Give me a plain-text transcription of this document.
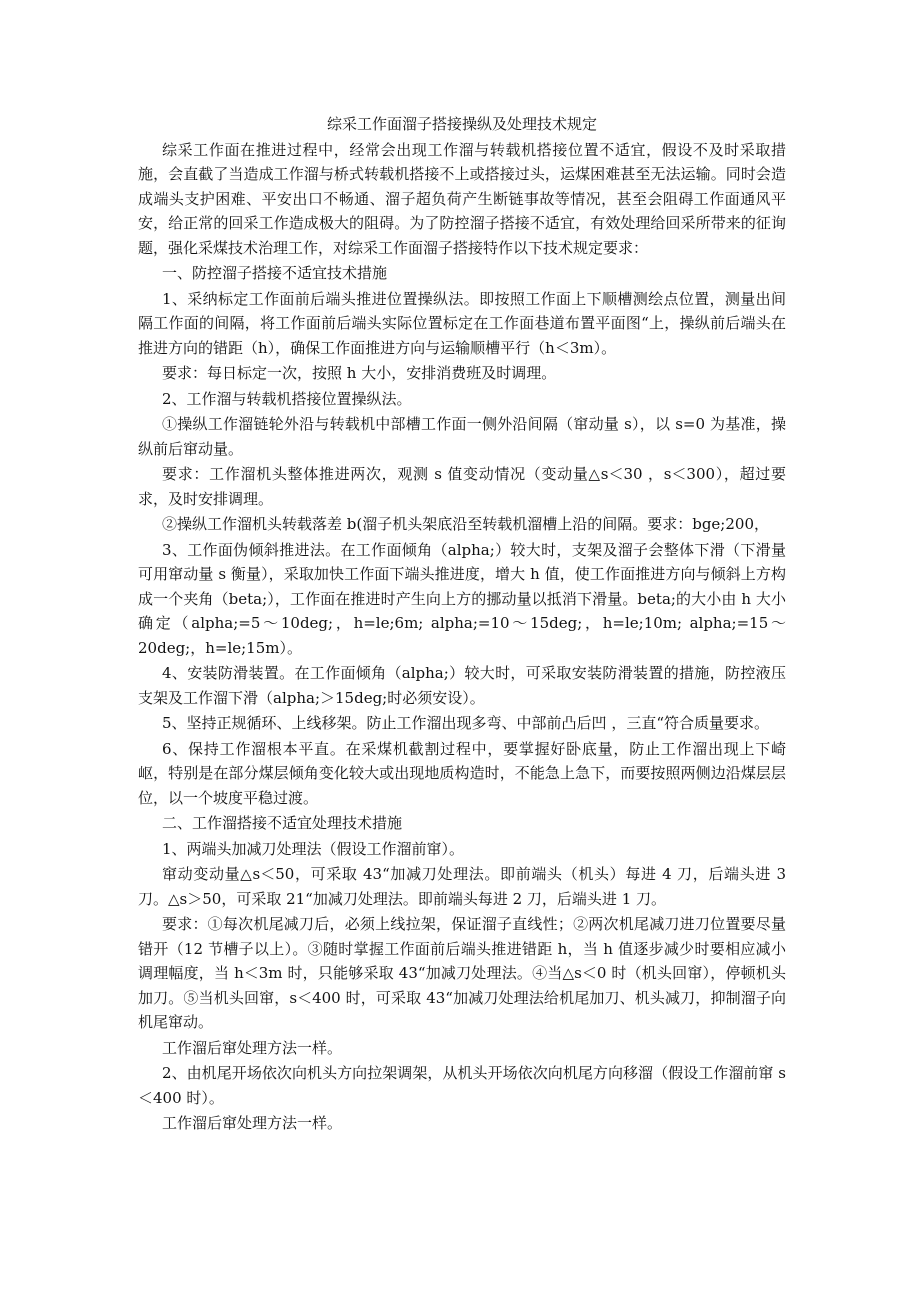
综采工作面溜子搭接操纵及处理技术规定

综采工作面在推进过程中，经常会出现工作溜与转载机搭接位置不适宜，假设不及时采取措施，会直截了当造成工作溜与桥式转载机搭接不上或搭接过头，运煤困难甚至无法运输。同时会造成端头支护困难、平安出口不畅通、溜子超负荷产生断链事故等情况，甚至会阻碍工作面通风平安，给正常的回采工作造成极大的阻碍。为了防控溜子搭接不适宜，有效处理给回采所带来的征询题，强化采煤技术治理工作，对综采工作面溜子搭接特作以下技术规定要求：

一、防控溜子搭接不适宜技术措施

1、采纳标定工作面前后端头推进位置操纵法。即按照工作面上下顺槽测绘点位置，测量出间隔工作面的间隔，将工作面前后端头实际位置标定在工作面巷道布置平面图“上，操纵前后端头在推进方向的错距（h），确保工作面推进方向与运输顺槽平行（h＜3m）。

要求：每日标定一次，按照 h 大小，安排消费班及时调理。

2、工作溜与转载机搭接位置操纵法。

①操纵工作溜链轮外沿与转载机中部槽工作面一侧外沿间隔（窜动量 s），以 s=0 为基准，操纵前后窜动量。

要求：工作溜机头整体推进两次，观测 s 值变动情况（变动量△s＜30 ，s＜300），超过要求，及时安排调理。

②操纵工作溜机头转载落差 b(溜子机头架底沿至转载机溜槽上沿的间隔。要求：bge;200，

3、工作面伪倾斜推进法。在工作面倾角（alpha;）较大时，支架及溜子会整体下滑（下滑量可用窜动量 s 衡量），采取加快工作面下端头推进度，增大 h 值，使工作面推进方向与倾斜上方构成一个夹角（beta;），工作面在推进时产生向上方的挪动量以抵消下滑量。beta;的大小由 h 大小确定（alpha;=5～10deg;，h=le;6m; alpha;=10～15deg;，h=le;10m; alpha;=15～20deg;，h=le;15m）。

4、安装防滑装置。在工作面倾角（alpha;）较大时，可采取安装防滑装置的措施，防控液压支架及工作溜下滑（alpha;＞15deg;时必须安设）。

5、坚持正规循环、上线移架。防止工作溜出现多弯、中部前凸后凹 ，三直“符合质量要求。

6、保持工作溜根本平直。在采煤机截割过程中，要掌握好卧底量，防止工作溜出现上下崎岖，特别是在部分煤层倾角变化较大或出现地质构造时，不能急上急下，而要按照两侧边沿煤层层位，以一个坡度平稳过渡。

二、工作溜搭接不适宜处理技术措施

1、两端头加减刀处理法（假设工作溜前窜）。

窜动变动量△s＜50，可采取 43“加减刀处理法。即前端头（机头）每进 4 刀，后端头进 3 刀。△s＞50，可采取 21“加减刀处理法。即前端头每进 2 刀，后端头进 1 刀。

要求：①每次机尾减刀后，必须上线拉架，保证溜子直线性；②两次机尾减刀进刀位置要尽量错开（12 节槽子以上）。③随时掌握工作面前后端头推进错距 h，当 h 值逐步减少时要相应减小调理幅度，当 h＜3m 时，只能够采取 43“加减刀处理法。④当△s＜0 时（机头回窜），停顿机头加刀。⑤当机头回窜，s＜400 时，可采取 43“加减刀处理法给机尾加刀、机头减刀，抑制溜子向机尾窜动。

工作溜后窜处理方法一样。

2、由机尾开场依次向机头方向拉架调架，从机头开场依次向机尾方向移溜（假设工作溜前窜 s＜400 时）。

工作溜后窜处理方法一样。
